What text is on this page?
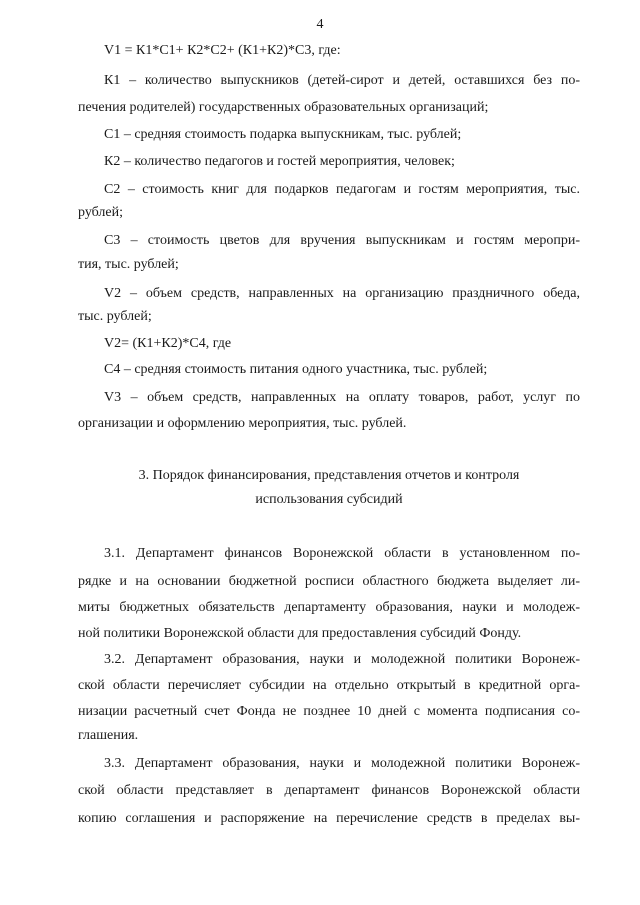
4
V1 = К1*С1+ К2*С2+ (К1+К2)*С3, где:
К1 – количество выпускников (детей-сирот и детей, оставшихся без по-
печения родителей) государственных образовательных организаций;
С1 – средняя стоимость подарка выпускникам, тыс. рублей;
К2 – количество педагогов и гостей мероприятия, человек;
С2 – стоимость книг для подарков педагогам и гостям мероприятия, тыс.
рублей;
С3 – стоимость цветов для вручения выпускникам и гостям меропри-
тия, тыс. рублей;
V2 – объем средств, направленных на организацию праздничного обеда,
тыс. рублей;
V2= (К1+К2)*С4, где
С4 – средняя стоимость питания одного участника, тыс. рублей;
V3 – объем средств, направленных на оплату товаров, работ, услуг по
организации и оформлению мероприятия, тыс. рублей.
3. Порядок финансирования, представления отчетов и контроля
использования субсидий
3.1. Департамент финансов Воронежской области в установленном по-
рядке и на основании бюджетной росписи областного бюджета выделяет ли-
миты бюджетных обязательств департаменту образования, науки и молодеж-
ной политики Воронежской области для предоставления субсидий Фонду.
3.2. Департамент образования, науки и молодежной политики Воронеж-
ской области перечисляет субсидии на отдельно открытый в кредитной орга-
низации расчетный счет Фонда не позднее 10 дней с момента подписания со-
глашения.
3.3. Департамент образования, науки и молодежной политики Воронеж-
ской области представляет в департамент финансов Воронежской области
копию соглашения и распоряжение на перечисление средств в пределах вы-
